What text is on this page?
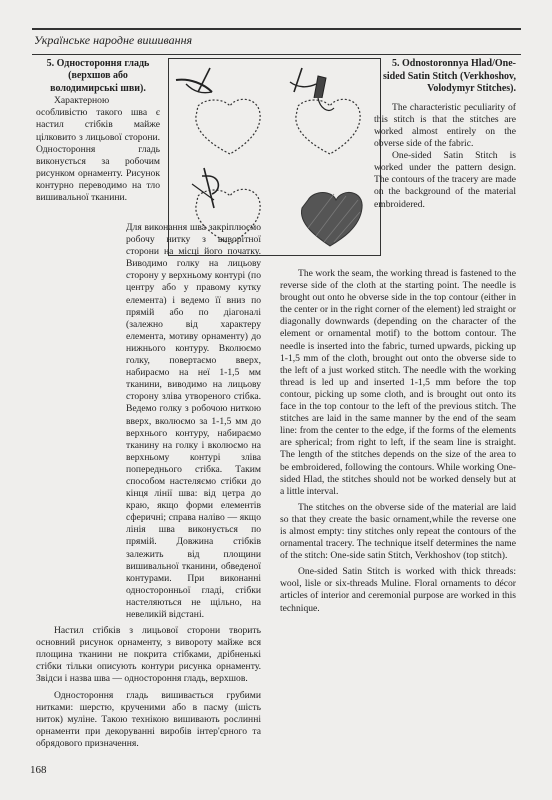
Українське народне вишивання

5. Одностороння гладь (верхшов або володимирські шви).

Характерною особливістю такого шва є настил стібків майже цілковито з лицьової сторони. Одностороння гладь виконується за робочим рисунком орнаменту. Рисунок контурно переводимо на тло вишивальної тканини.

5. Odnostoronnya Hlad/One-sided Satin Stitch (Verkhoshov, Volodymyr Stitches).

The characteristic peculiarity of this stitch is that the stitches are worked almost entirely on the obverse side of the fabric.

One-sided Satin Stitch is worked under the pattern design. The contours of the tracery are made on the background of the material embroidered.

Для виконання шва закріплюємо робочу нитку з виворітної сторони на місці його початку. Виводимо голку на лицьову сторону у верхньому контурі (по центру або у правому кутку елемента) і ведемо її вниз по прямій або по діагоналі (залежно від характеру елемента, мотиву орнаменту) до нижнього контуру. Вколюємо голку, повертаємо вверх, набираємо на неї 1-1,5 мм тканини, виводимо на лицьову сторону зліва утвореного стібка. Ведемо голку з робочою ниткою вверх, вколюємо за 1-1,5 мм до верхнього контуру, набираємо тканину на голку і вколюємо на верхньому контурі зліва попереднього стібка. Таким способом настеляємо стібки до кінця лінії шва: від цетра до краю, якщо форми елементів сферичні; справа наліво — якщо лінія шва виконується по прямій. Довжина стібків залежить від площини вишивальної тканини, обведеної контурами. При виконанні односторонньої гладі, стібки настеляються не щільно, на невеликій відстані.

Настил стібків з лицьової сторони творить основний рисунок орнаменту, з вивороту майже вся площина тканини не покрита стібками, дрібненькі стібки тільки описують контури рисунка орнаменту. Звідси і назва шва — одностороння гладь, верхшов.

Одностороння гладь вишивається грубими нитками: шерстю, крученими або в пасму (шість ниток) муліне. Такою технікою вишивають рослинні орнаменти при декоруванні виробів інтер'єрного та обрядового призначення.

The work the seam, the working thread is fastened to the reverse side of the cloth at the starting point. The needle is brought out onto he obverse side in the top contour (either in the center or in the right corner of the element) led straight or diagonally downwards (depending on the character of the element or ornamental motif) to the bottom contour. The needle is inserted into the fabric, turned upwards, picking up 1-1,5 mm of the cloth, brought out onto the obverse side to the left of a just worked stitch. The needle with the working thread is led up and inserted 1-1,5 mm before the top contour, picking up some cloth, and is brought out onto its face in the top contour to the left of the previous stitch. The stitches are laid in the same manner by the end of the seam line: from the center to the edge, if the forms of the elements are spherical; from right to left, if the seam line is straight. The length of the stitches depends on the size of the area to be embroidered, following the contours. While working One-sided Hlad, the stitches should not be worked densely but at a little interval.

The stitches on the obverse side of the material are laid so that they create the basic ornament,while the reverse one is almost empty: tiny stitches only repeat the contours of the ornamental tracery. The technique itself determines the name of the stitch: One-side satin Stitch, Verkhoshov (top stitch).

One-sided Satin Stitch is worked with thick threads: wool, lisle or six-threads Muline. Floral ornaments to décor articles of interior and ceremonial purpose are worked in this technique.

168
